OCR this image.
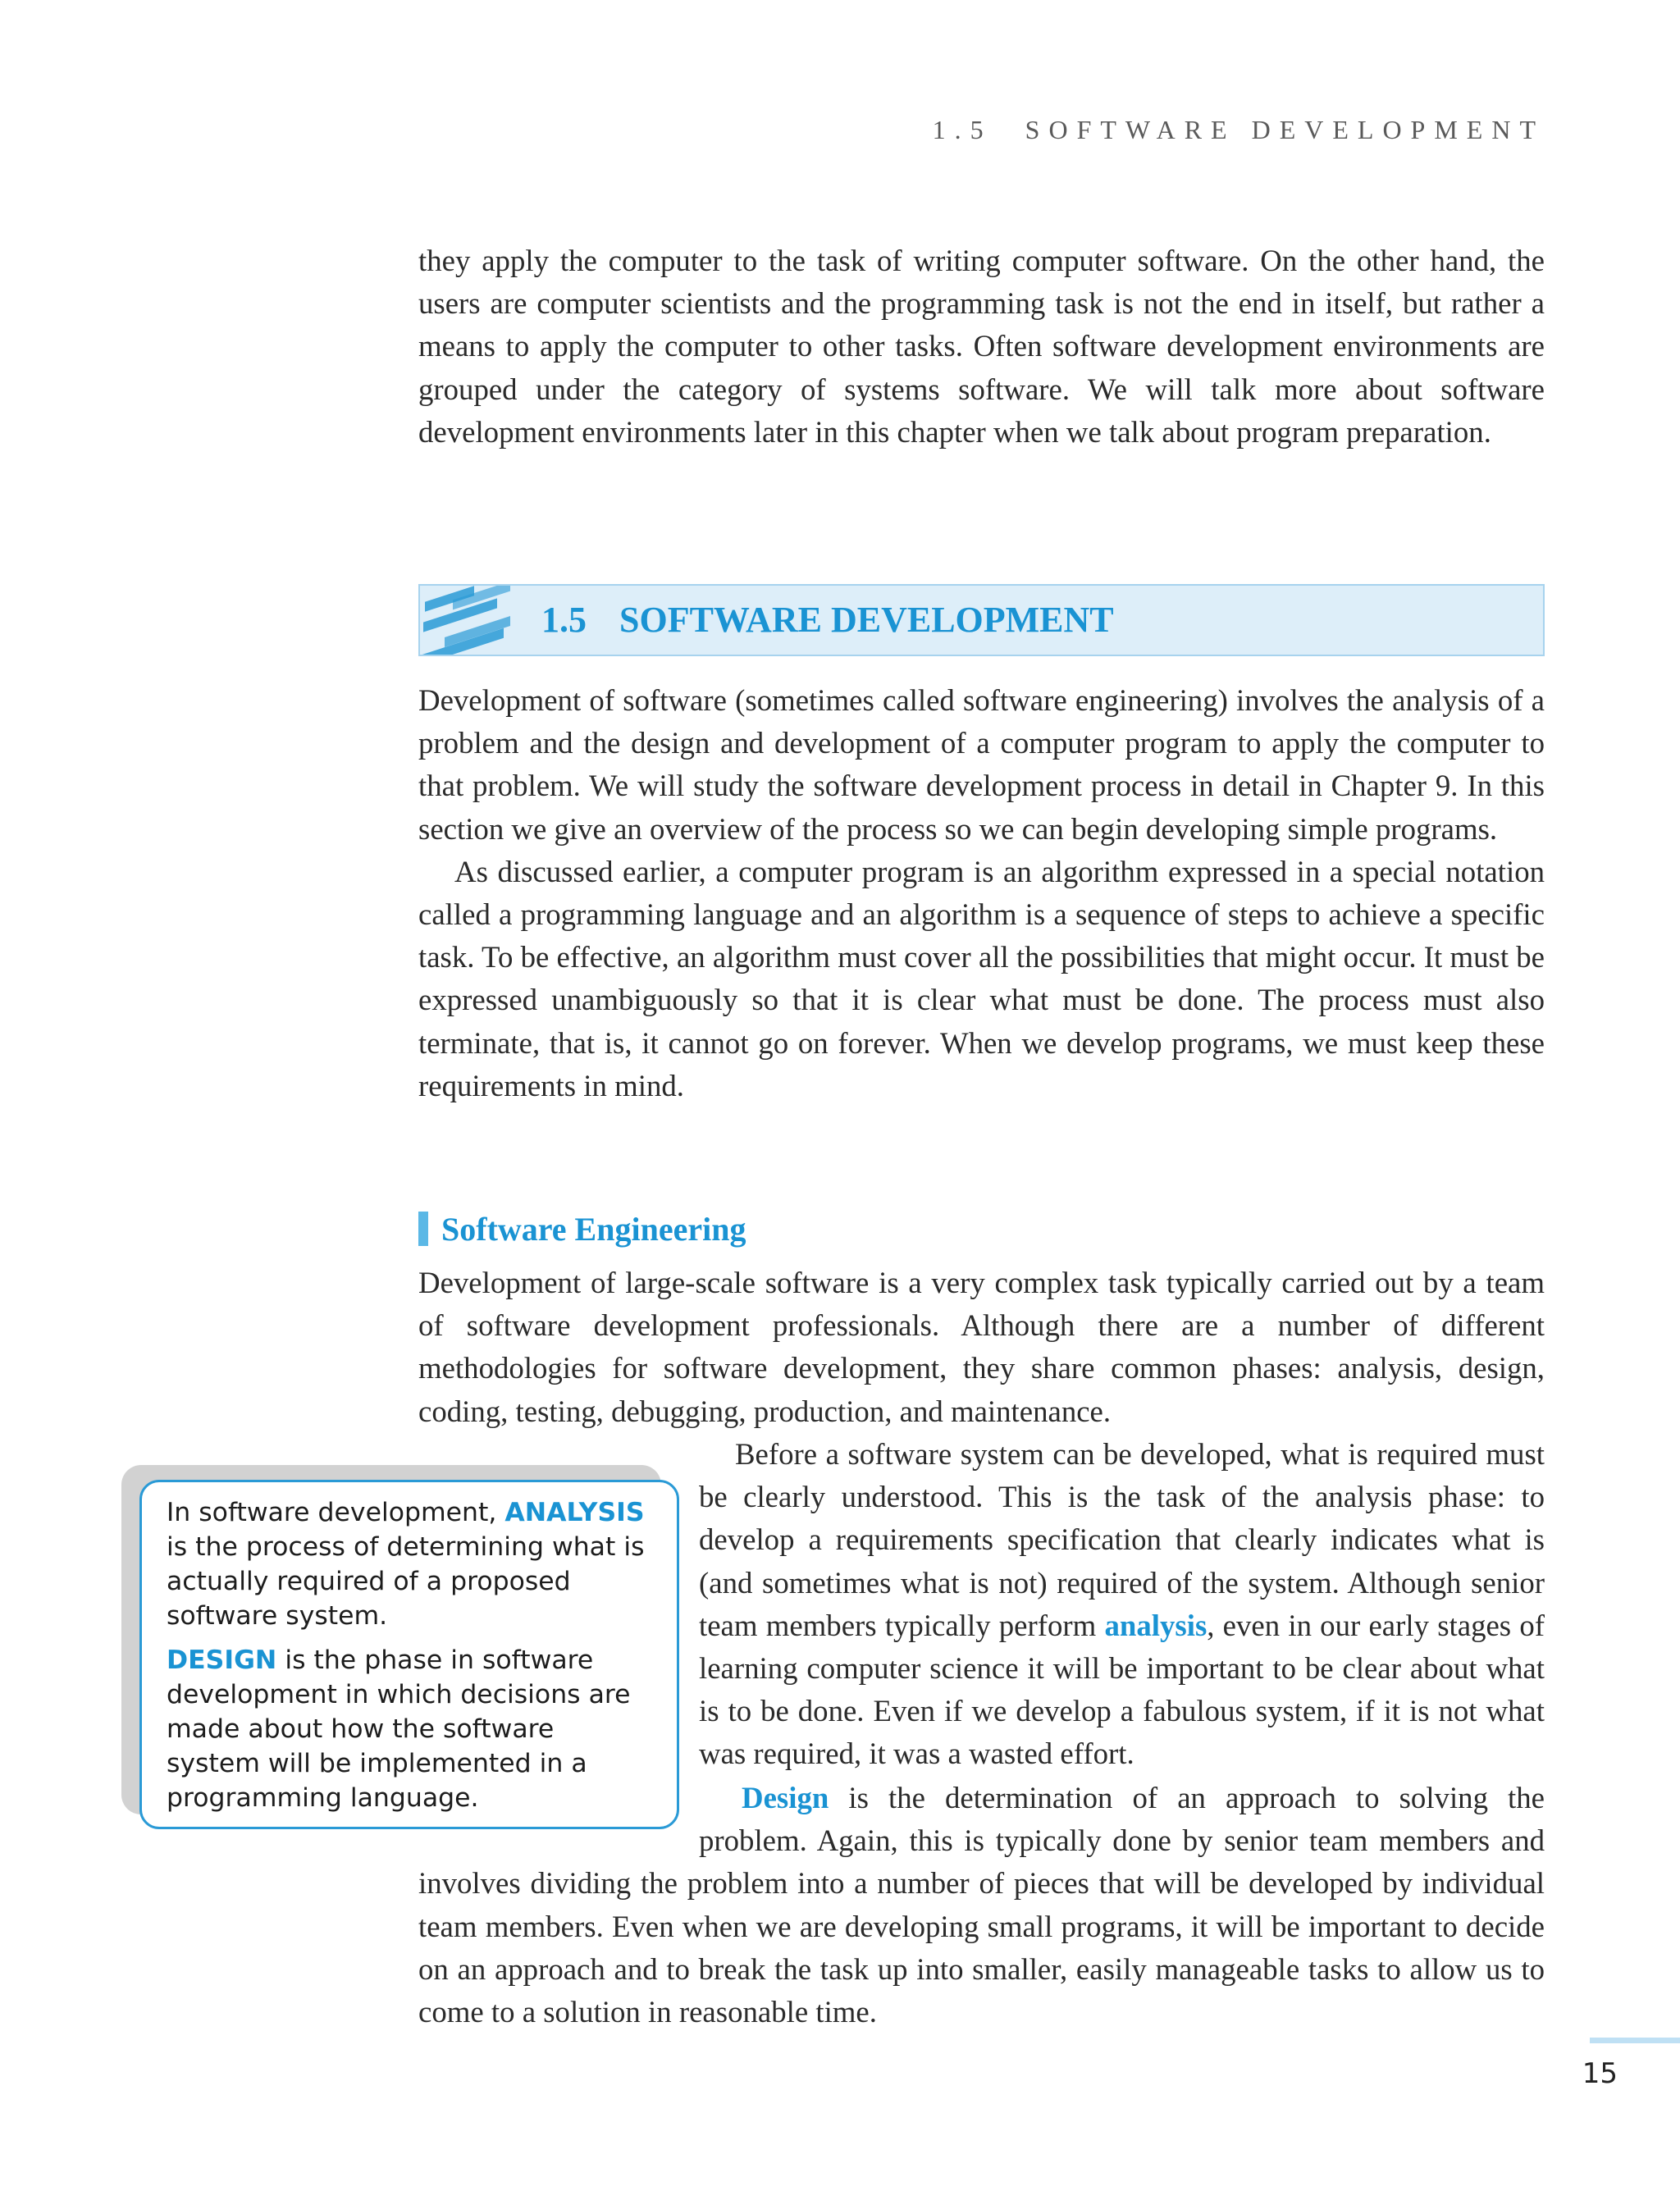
1.5 SOFTWARE DEVELOPMENT

they apply the computer to the task of writing computer software. On the other hand, the users are computer scientists and the programming task is not the end in itself, but rather a means to apply the computer to other tasks. Often software development environments are grouped under the category of systems software. We will talk more about software development environments later in this chapter when we talk about program preparation.

1.5 SOFTWARE DEVELOPMENT

Development of software (sometimes called software engineering) involves the analysis of a problem and the design and development of a computer program to apply the computer to that problem. We will study the software development process in detail in Chapter 9. In this section we give an overview of the process so we can begin developing simple programs.

As discussed earlier, a computer program is an algorithm expressed in a special notation called a programming language and an algorithm is a sequence of steps to achieve a specific task. To be effective, an algorithm must cover all the possibilities that might occur. It must be expressed unambiguously so that it is clear what must be done. The process must also terminate, that is, it cannot go on forever. When we develop programs, we must keep these requirements in mind.

Software Engineering

Development of large-scale software is a very complex task typically carried out by a team of software development professionals. Although there are a number of different methodologies for software development, they share common phases: analysis, design, coding, testing, debugging, production, and maintenance.

Before a software system can be developed, what is required must be clearly understood. This is the task of the analysis phase: to develop a requirements specification that clearly indicates what is (and sometimes what is not) required of the system. Although senior team members typically perform analysis, even in our early stages of learning computer science it will be important to be clear about what is to be done. Even if we develop a fabulous system, if it is not what was required, it was a wasted effort.

Design is the determination of an approach to solving the problem. Again, this is typically done by senior team members and involves dividing the problem into a number of pieces that will be developed by individual team members. Even when we are developing small programs, it will be important to decide on an approach and to break the task up into smaller, easily manageable tasks to allow us to come to a solution in reasonable time.

In software development, ANALYSIS is the process of determining what is actually required of a proposed software system.

DESIGN is the phase in software development in which decisions are made about how the software system will be implemented in a programming language.

15
